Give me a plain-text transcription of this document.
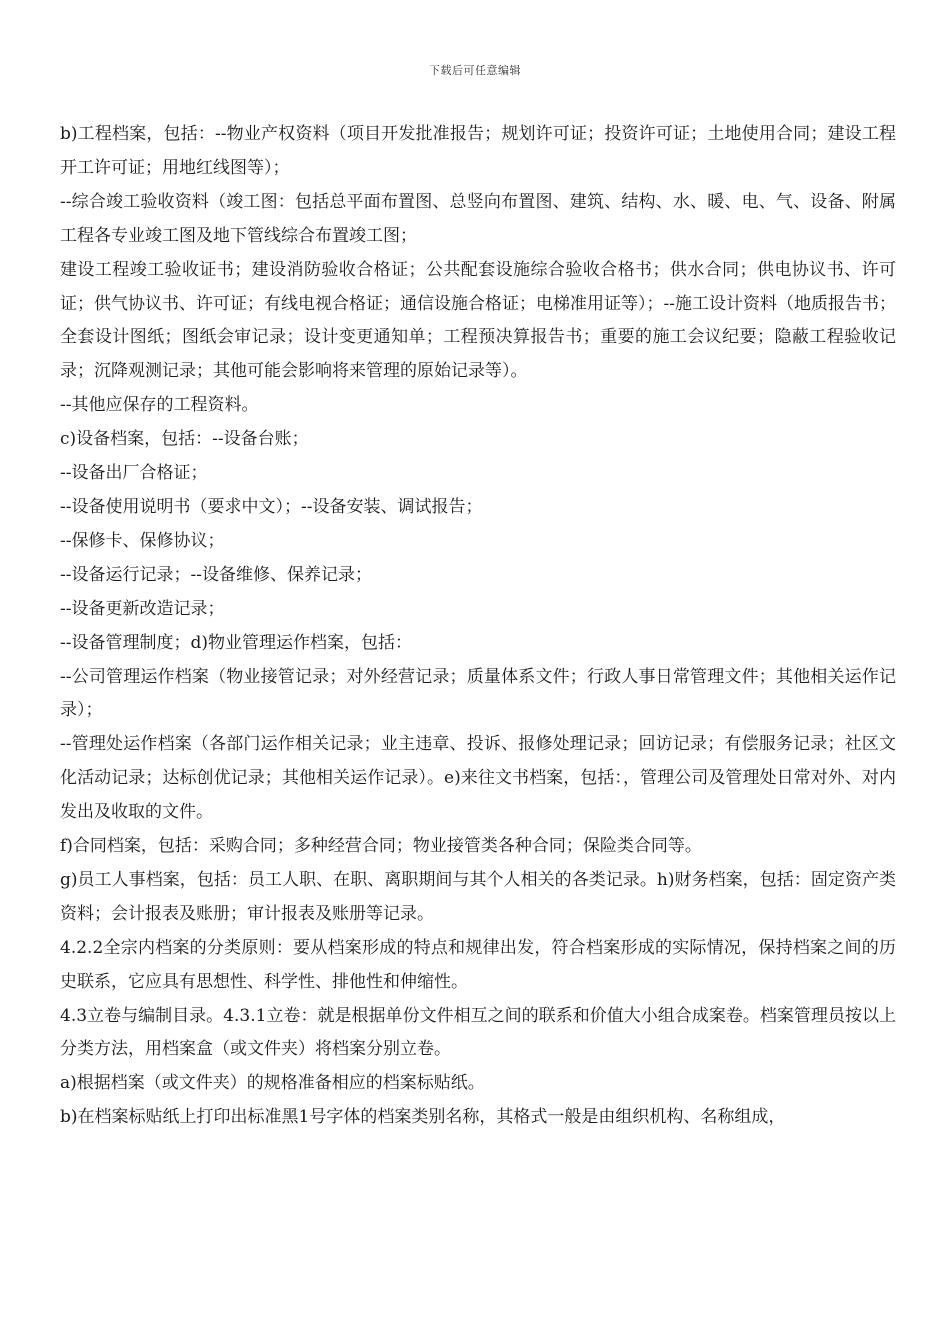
下载后可任意编辑

b)工程档案，包括：--物业产权资料（项目开发批准报告；规划许可证；投资许可证；土地使用合同；建设工程开工许可证；用地红线图等）；

--综合竣工验收资料（竣工图：包括总平面布置图、总竖向布置图、建筑、结构、水、暖、电、气、设备、附属工程各专业竣工图及地下管线综合布置竣工图；

建设工程竣工验收证书；建设消防验收合格证；公共配套设施综合验收合格书；供水合同；供电协议书、许可证；供气协议书、许可证；有线电视合格证；通信设施合格证；电梯准用证等）；--施工设计资料（地质报告书；全套设计图纸；图纸会审记录；设计变更通知单；工程预决算报告书；重要的施工会议纪要；隐蔽工程验收记录；沉降观测记录；其他可能会影响将来管理的原始记录等）。

--其他应保存的工程资料。

c)设备档案，包括：--设备台账；

--设备出厂合格证；

--设备使用说明书（要求中文）；--设备安装、调试报告；

--保修卡、保修协议；

--设备运行记录；--设备维修、保养记录；

--设备更新改造记录；

--设备管理制度；d)物业管理运作档案，包括：

--公司管理运作档案（物业接管记录；对外经营记录；质量体系文件；行政人事日常管理文件；其他相关运作记录）；

--管理处运作档案（各部门运作相关记录；业主违章、投诉、报修处理记录；回访记录；有偿服务记录；社区文化活动记录；达标创优记录；其他相关运作记录）。e)来往文书档案，包括：，管理公司及管理处日常对外、对内发出及收取的文件。

f)合同档案，包括：采购合同；多种经营合同；物业接管类各种合同；保险类合同等。

g)员工人事档案，包括：员工人职、在职、离职期间与其个人相关的各类记录。h)财务档案，包括：固定资产类资料；会计报表及账册；审计报表及账册等记录。

4.2.2全宗内档案的分类原则：要从档案形成的特点和规律出发，符合档案形成的实际情况，保持档案之间的历史联系，它应具有思想性、科学性、排他性和伸缩性。

4.3立卷与编制目录。4.3.1立卷：就是根据单份文件相互之间的联系和价值大小组合成案卷。档案管理员按以上分类方法，用档案盒（或文件夹）将档案分别立卷。

a)根据档案（或文件夹）的规格准备相应的档案标贴纸。

b)在档案标贴纸上打印出标准黑1号字体的档案类别名称，其格式一般是由组织机构、名称组成，
